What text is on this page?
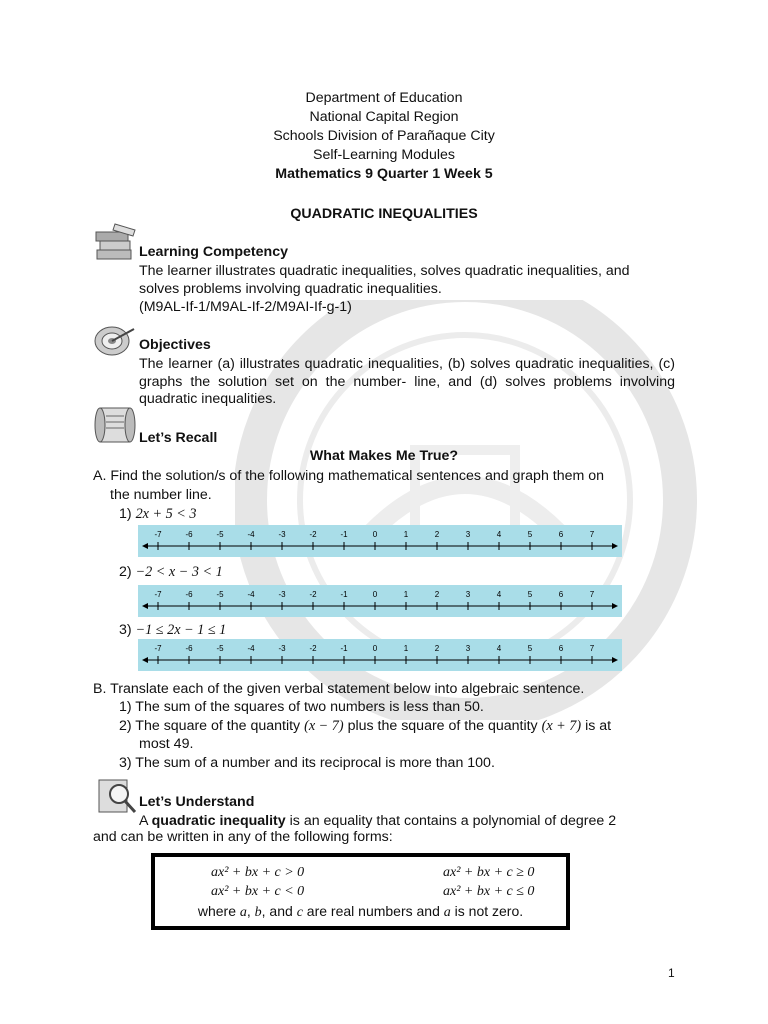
Department of Education
National Capital Region
Schools Division of Parañaque City
Self-Learning Modules
Mathematics 9 Quarter 1 Week 5
QUADRATIC INEQUALITIES
Learning Competency
The learner illustrates quadratic inequalities, solves quadratic inequalities, and
solves problems involving quadratic inequalities.
(M9AL-If-1/M9AL-If-2/M9AI-If-g-1)
Objectives
The learner (a) illustrates quadratic inequalities, (b) solves quadratic inequalities, (c) graphs the solution set on the number- line, and (d) solves problems involving quadratic inequalities.
Let’s Recall
What Makes Me True?
A. Find the solution/s of the following mathematical sentences and graph them on
the number line.
1) 2x + 5 < 3
-7	-6	-5	-4	-3	-2	-1	0	1	2	3	4	5	6	7
2) −2 < x − 3 < 1
-7	-6	-5	-4	-3	-2	-1	0	1	2	3	4	5	6	7
3) −1 ≤ 2x − 1 ≤ 1
-7	-6	-5	-4	-3	-2	-1	0	1	2	3	4	5	6	7
B. Translate each of the given verbal statement below into algebraic sentence.
1) The sum of the squares of two numbers is less than 50.
2) The square of the quantity (x − 7) plus the square of the quantity (x + 7) is at
most 49.
3) The sum of a number and its reciprocal is more than 100.
Let’s Understand
A quadratic inequality is an equality that contains a polynomial of degree 2
and can be written in any of the following forms:
ax² + bx + c > 0	ax² + bx + c ≥ 0
ax² + bx + c < 0	ax² + bx + c ≤ 0
where a, b, and c are real numbers and a is not zero.
1
